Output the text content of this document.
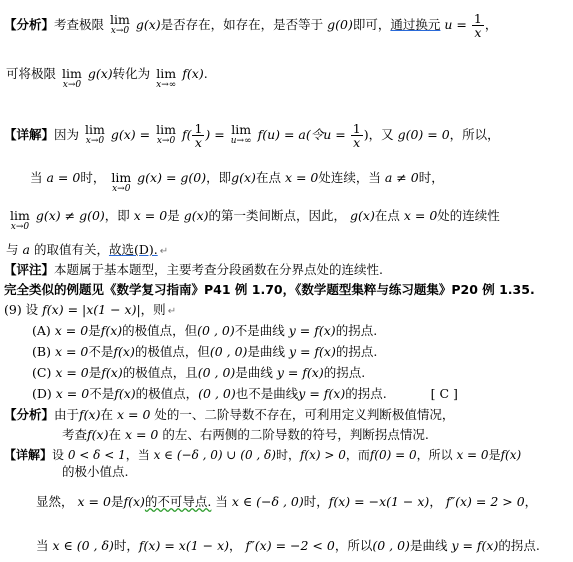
【分析】考查极限 lim
x→0 g(x)是否存在，如存在，是否等于 g(0)即可，通过换元 $u = \frac{1}{x}$ ，
可将极限 lim
x→0
g(x)转化为 lim
x→∞
f(x).
【详解】因为 lim
x→0 g(x) = lim
x→0 $f( \frac{1}{x}$ ) = lim
u→∞ f(u) = a(令$u = \frac{1}{x}$ )，又 g(0) = 0，所以，
当 a = 0时， lim
x→0
g(x) = g(0)，即g(x)在点 x = 0处连续，当 a ≠ 0时，
lim
x→0
g(x) ≠ g(0)，即 x = 0是 g(x)的第一类间断点，因此， g(x)在点 x = 0处的连续性
与 a 的取值有关，故选(D). ↵
【评注】本题属于基本题型，主要考查分段函数在分界点处的连续性.
完全类似的例题见《数学复习指南》P41 例 1.70，《数学题型集粹与练习题集》P20 例 1.35.
(9) 设 f(x) = |x(1 − x)|，则 ↵
(A) x = 0是f(x)的极值点，但(0 , 0)不是曲线 y = f(x)的拐点.
(B) x = 0不是f(x)的极值点，但(0 , 0)是曲线 y = f(x)的拐点.
(C) x = 0是f(x)的极值点，且(0 , 0)是曲线 y = f(x)的拐点.
(D) x = 0不是f(x)的极值点，(0 , 0)也不是曲线y = f(x)的拐点.	[ C ]
【分析】由于f(x)在 x = 0 处的一、二阶导数不存在，可利用定义判断极值情况，
考查f(x)在 x = 0 的左、右两侧的二阶导数的符号，判断拐点情况.
【详解】设 0 < δ < 1，当 x ∈ (−δ , 0) ∪ (0 , δ)时，f(x) > 0，而f(0) = 0，所以 x = 0是f(x)
的极小值点.
显然， x = 0是f(x)的不可导点. 当 x ∈ (−δ , 0)时，f(x) = −x(1 − x)， f″(x) = 2 > 0，
当 x ∈ (0 , δ)时，f(x) = x(1 − x)， f″(x) = −2 < 0，所以(0 , 0)是曲线 y = f(x)的拐点.
